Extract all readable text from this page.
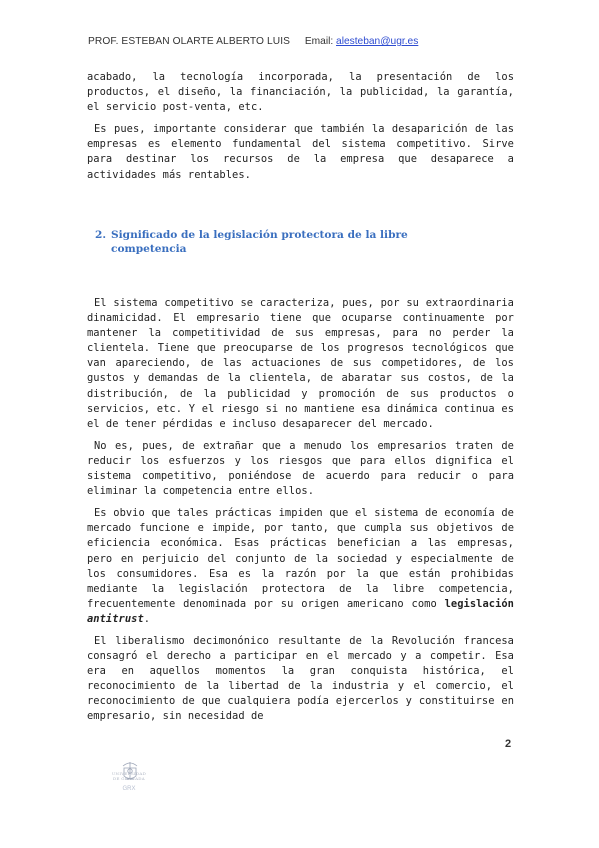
PROF. ESTEBAN OLARTE ALBERTO LUIS Email: alesteban@ugr.es

acabado, la tecnología incorporada, la presentación de los productos, el diseño, la financiación, la publicidad, la garantía, el servicio post-venta, etc.

Es pues, importante considerar que también la desaparición de las empresas es elemento fundamental del sistema competitivo. Sirve para destinar los recursos de la empresa que desaparece a actividades más rentables.

2. Significado de la legislación protectora de la libre
competencia

El sistema competitivo se caracteriza, pues, por su extraordinaria dinamicidad. El empresario tiene que ocuparse continuamente por mantener la competitividad de sus empresas, para no perder la clientela. Tiene que preocuparse de los progresos tecnológicos que van apareciendo, de las actuaciones de sus competidores, de los gustos y demandas de la clientela, de abaratar sus costos, de la distribución, de la publicidad y promoción de sus productos o servicios, etc. Y el riesgo si no mantiene esa dinámica continua es el de tener pérdidas e incluso desaparecer del mercado.

No es, pues, de extrañar que a menudo los empresarios traten de reducir los esfuerzos y los riesgos que para ellos dignifica el sistema competitivo, poniéndose de acuerdo para reducir o para eliminar la competencia entre ellos.

Es obvio que tales prácticas impiden que el sistema de economía de mercado funcione e impide, por tanto, que cumpla sus objetivos de eficiencia económica. Esas prácticas benefician a las empresas, pero en perjuicio del conjunto de la sociedad y especialmente de los consumidores. Esa es la razón por la que están prohibidas mediante la legislación protectora de la libre competencia, frecuentemente denominada por su origen americano como legislación antitrust.

El liberalismo decimonónico resultante de la Revolución francesa consagró el derecho a participar en el mercado y a competir. Esa era en aquellos momentos la gran conquista histórica, el reconocimiento de la libertad de la industria y el comercio, el reconocimiento de que cualquiera podía ejercerlos y constituirse en empresario, sin necesidad de

2
UNIVERSIDAD
DE GRANADA
GRX
